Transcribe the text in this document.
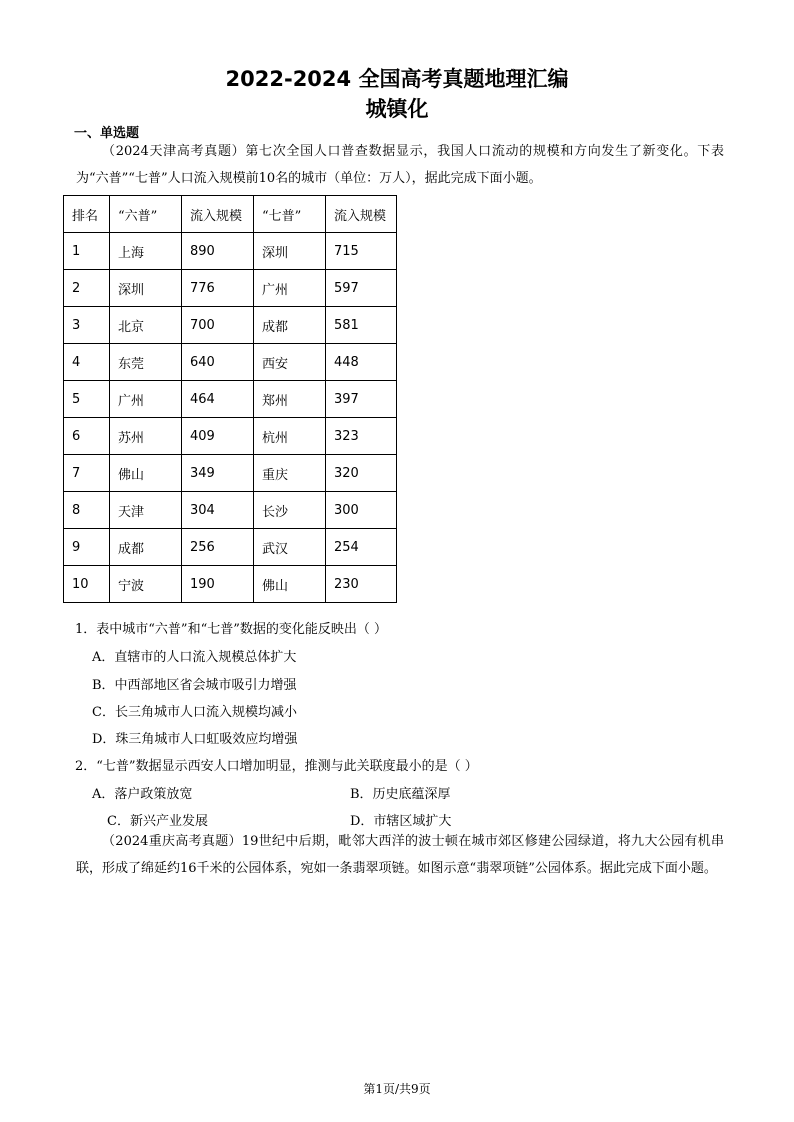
2022-2024 全国高考真题地理汇编
城镇化
一、单选题

（2024天津高考真题）第七次全国人口普查数据显示，我国人口流动的规模和方向发生了新变化。下表为“六普”“七普”人口流入规模前10名的城市（单位：万人），据此完成下面小题。

排名	“六普”	流入规模	“七普”	流入规模
1	上海	890	深圳	715
2	深圳	776	广州	597
3	北京	700	成都	581
4	东莞	640	西安	448
5	广州	464	郑州	397
6	苏州	409	杭州	323
7	佛山	349	重庆	320
8	天津	304	长沙	300
9	成都	256	武汉	254
10	宁波	190	佛山	230
1．表中城市“六普”和“七普”数据的变化能反映出（ ）
A．直辖市的人口流入规模总体扩大
B．中西部地区省会城市吸引力增强
C．长三角城市人口流入规模均减小
D．珠三角城市人口虹吸效应均增强
2．“七普”数据显示西安人口增加明显，推测与此关联度最小的是（ ）
A．落户政策放宽	B．历史底蕴深厚
C．新兴产业发展	D．市辖区域扩大

（2024重庆高考真题）19世纪中后期，毗邻大西洋的波士顿在城市郊区修建公园绿道，将九大公园有机串联，形成了绵延约16千米的公园体系，宛如一条翡翠项链。如图示意“翡翠项链”公园体系。据此完成下面小题。

第1页/共9页
